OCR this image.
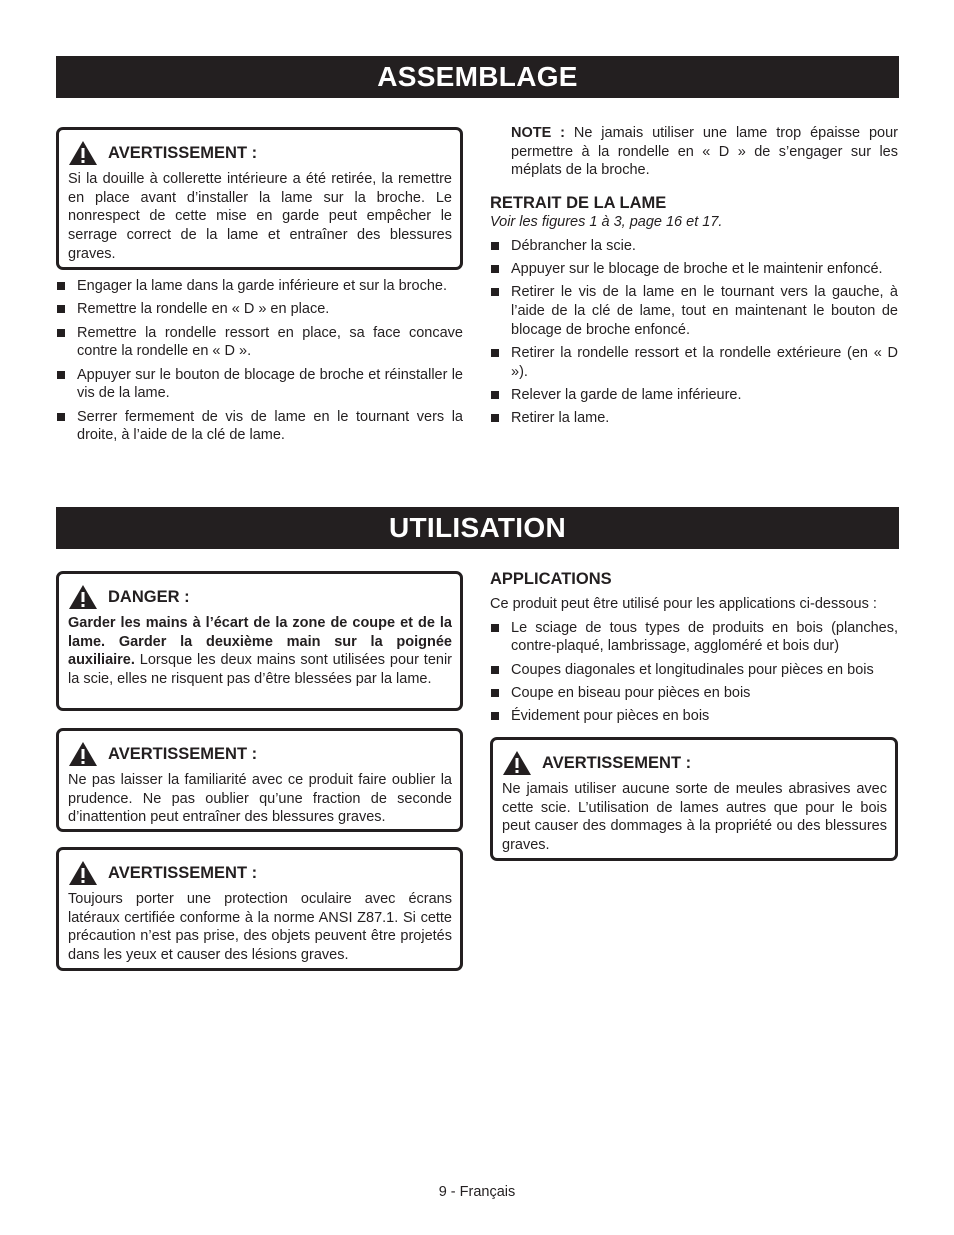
ASSEMBLAGE
AVERTISSEMENT :

Si la douille à collerette intérieure a été retirée, la remettre en place avant d’installer la lame sur la broche. Le nonrespect de cette mise en garde peut empêcher le serrage correct de la lame et entraîner des blessures graves.

Engager la lame dans la garde inférieure et sur la broche.
Remettre la rondelle en « D » en place.
Remettre la rondelle ressort en place, sa face concave contre la rondelle en « D ».
Appuyer sur le bouton de blocage de broche et réinstaller le vis de la lame.
Serrer fermement de vis de lame en le tournant vers la droite, à l’aide de la clé de lame.

NOTE : Ne jamais utiliser une lame trop épaisse pour permettre à la rondelle en « D » de s’engager sur les méplats de la broche.

RETRAIT DE LA LAME
Voir les figures 1 à 3, page 16 et 17.
Débrancher la scie.
Appuyer sur le blocage de broche et le maintenir enfoncé.
Retirer le vis de la lame en le tournant vers la gauche, à l’aide de la clé de lame, tout en maintenant le bouton de blocage de broche enfoncé.
Retirer la rondelle ressort et la rondelle extérieure (en « D »).
Relever la garde de lame inférieure.
Retirer la lame.
UTILISATION
DANGER :

Garder les mains à l’écart de la zone de coupe et de la lame. Garder la deuxième main sur la poignée auxiliaire. Lorsque les deux mains sont utilisées pour tenir la scie, elles ne risquent pas d’être blessées par la lame.

AVERTISSEMENT :

Ne pas laisser la familiarité avec ce produit faire oublier la prudence. Ne pas oublier qu’une fraction de seconde d’inattention peut entraîner des blessures graves.

AVERTISSEMENT :

Toujours porter une protection oculaire avec écrans latéraux certifiée conforme à la norme ANSI Z87.1. Si cette précaution n’est pas prise, des objets peuvent être projetés dans les yeux et causer des lésions graves.

APPLICATIONS

Ce produit peut être utilisé pour les applications ci-dessous :

Le sciage de tous types de produits en bois (planches, contre-plaqué, lambrissage, aggloméré et bois dur)
Coupes diagonales et longitudinales pour pièces en bois
Coupe en biseau pour pièces en bois
Évidement pour pièces en bois
AVERTISSEMENT :

Ne jamais utiliser aucune sorte de meules abrasives avec cette scie. L’utilisation de lames autres que pour le bois peut causer des dommages à la propriété ou des blessures graves.

9 - Français
